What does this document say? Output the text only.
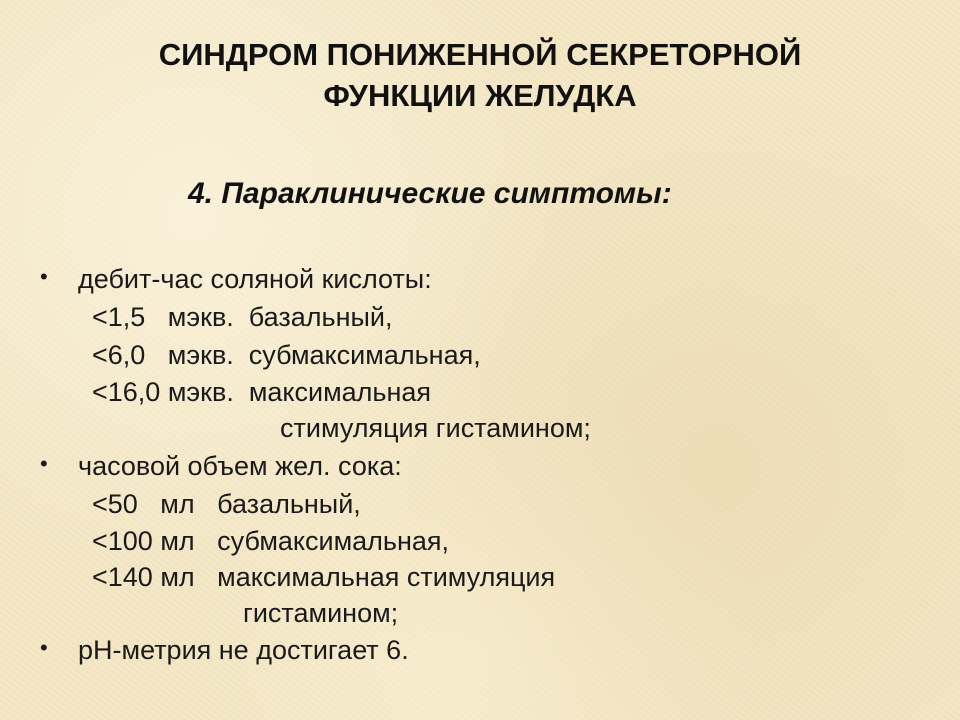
СИНДРОМ ПОНИЖЕННОЙ СЕКРЕТОРНОЙ
ФУНКЦИИ ЖЕЛУДКА
4. Параклинические симптомы:
• дебит-час соляной кислоты:
<1,5   мэкв.  базальный,
<6,0   мэкв.  субмаксимальная,
<16,0 мэкв.  максимальная
стимуляция гистамином;
• часовой объем жел. сока:
<50   мл   базальный,
<100 мл   субмаксимальная,
<140 мл   максимальная стимуляция
гистамином;
• рН-метрия не достигает 6.
